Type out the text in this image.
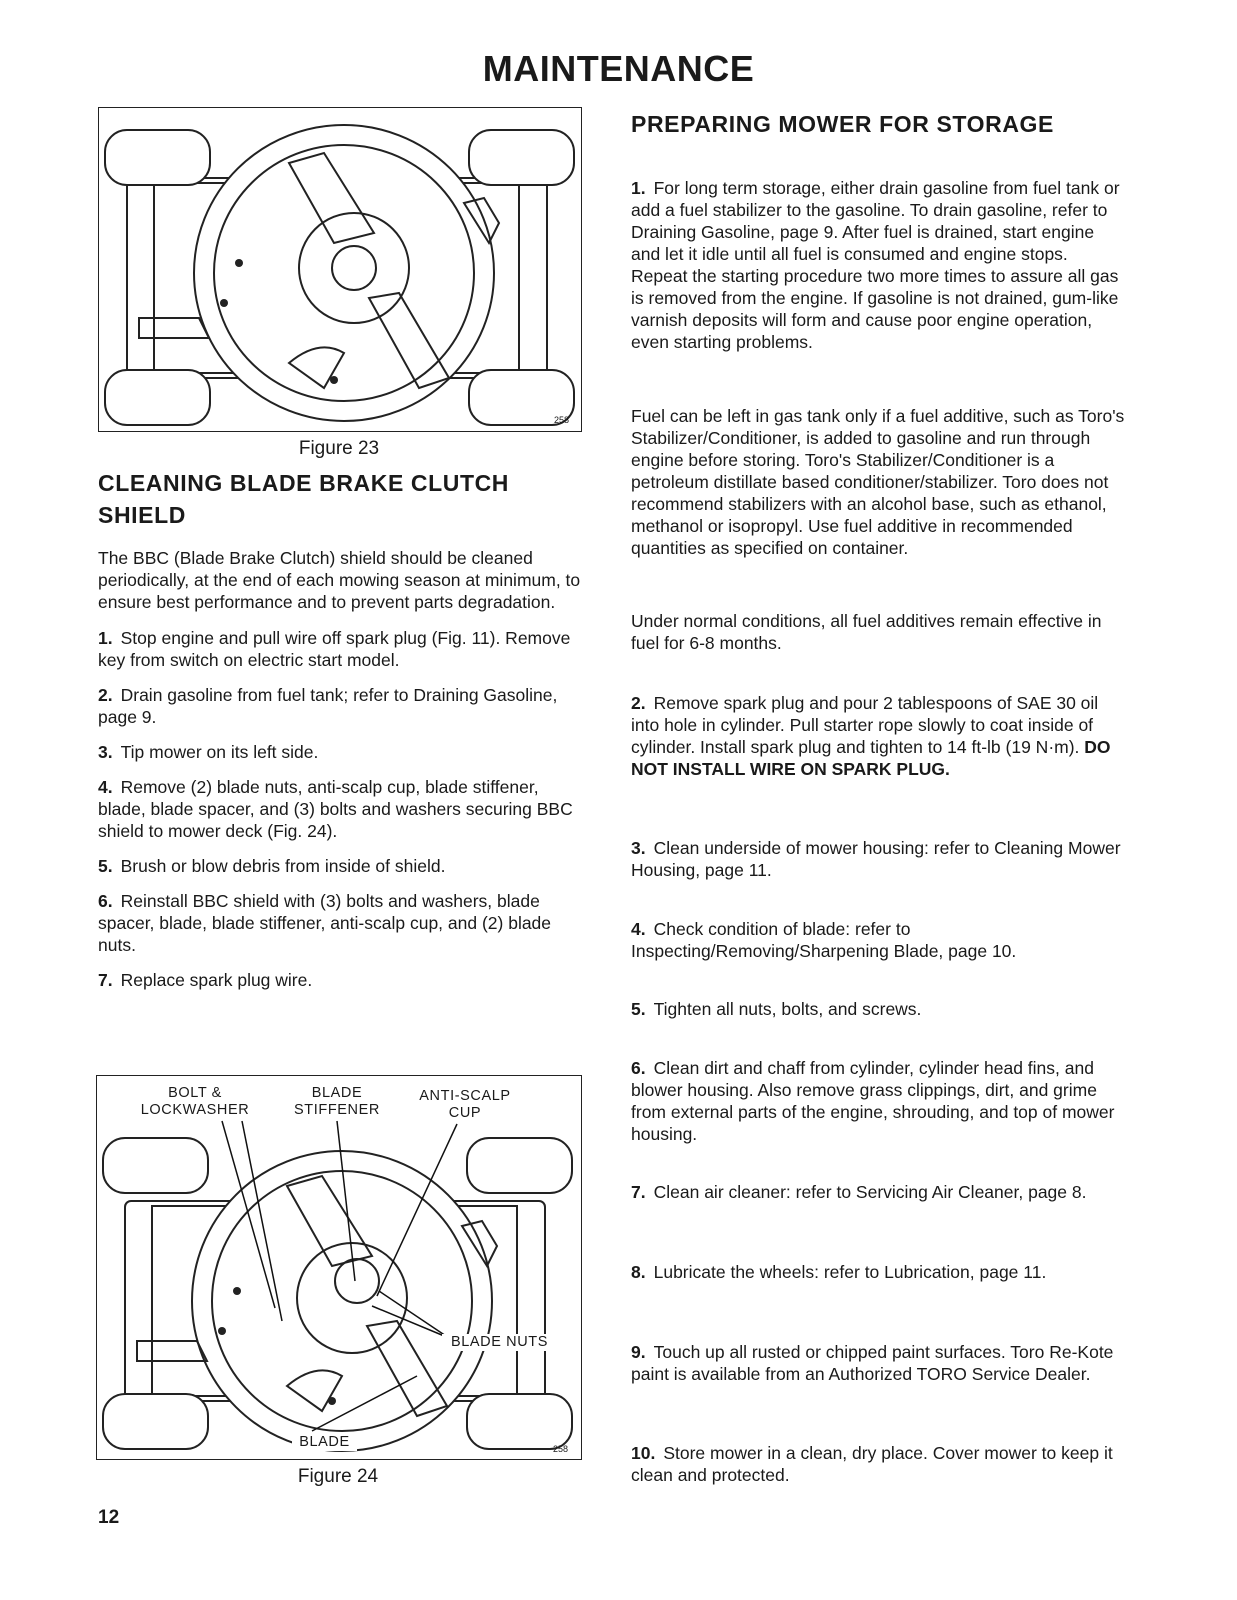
MAINTENANCE
258
Figure 23
CLEANING BLADE BRAKE CLUTCH
SHIELD

The BBC (Blade Brake Clutch) shield should be cleaned periodically, at the end of each mowing season at minimum, to ensure best performance and to prevent parts degradation.

1. Stop engine and pull wire off spark plug (Fig. 11). Remove key from switch on electric start model.
2. Drain gasoline from fuel tank; refer to Draining Gasoline, page 9.
3. Tip mower on its left side.
4. Remove (2) blade nuts, anti-scalp cup, blade stiffener, blade, blade spacer, and (3) bolts and washers securing BBC shield to mower deck (Fig. 24).
5. Brush or blow debris from inside of shield.
6. Reinstall BBC shield with (3) bolts and washers, blade spacer, blade, blade stiffener, anti-scalp cup, and (2) blade nuts.
7. Replace spark plug wire.
BOLT &
LOCKWASHER
BLADE
STIFFENER
ANTI-SCALP
CUP
BLADE NUTS
BLADE	258
Figure 24
PREPARING MOWER FOR STORAGE

1. For long term storage, either drain gasoline from fuel tank or add a fuel stabilizer to the gasoline. To drain gasoline, refer to Draining Gasoline, page 9. After fuel is drained, start engine and let it idle until all fuel is consumed and engine stops. Repeat the starting procedure two more times to assure all gas is removed from the engine. If gasoline is not drained, gum-like varnish deposits will form and cause poor engine operation, even starting problems.

Fuel can be left in gas tank only if a fuel additive, such as Toro's Stabilizer/Conditioner, is added to gasoline and run through engine before storing. Toro's Stabilizer/Conditioner is a petroleum distillate based conditioner/stabilizer. Toro does not recommend stabilizers with an alcohol base, such as ethanol, methanol or isopropyl. Use fuel additive in recommended quantities as specified on container.

Under normal conditions, all fuel additives remain effective in fuel for 6-8 months.

2. Remove spark plug and pour 2 tablespoons of SAE 30 oil into hole in cylinder. Pull starter rope slowly to coat inside of cylinder. Install spark plug and tighten to 14 ft-lb (19 N·m). DO NOT INSTALL WIRE ON SPARK PLUG.

3. Clean underside of mower housing: refer to Cleaning Mower Housing, page 11.

4. Check condition of blade: refer to Inspecting/Removing/Sharpening Blade, page 10.

5. Tighten all nuts, bolts, and screws.

6. Clean dirt and chaff from cylinder, cylinder head fins, and blower housing. Also remove grass clippings, dirt, and grime from external parts of the engine, shrouding, and top of mower housing.

7. Clean air cleaner: refer to Servicing Air Cleaner, page 8.

8. Lubricate the wheels: refer to Lubrication, page 11.

9. Touch up all rusted or chipped paint surfaces. Toro Re-Kote paint is available from an Authorized TORO Service Dealer.

10. Store mower in a clean, dry place. Cover mower to keep it clean and protected.

12
